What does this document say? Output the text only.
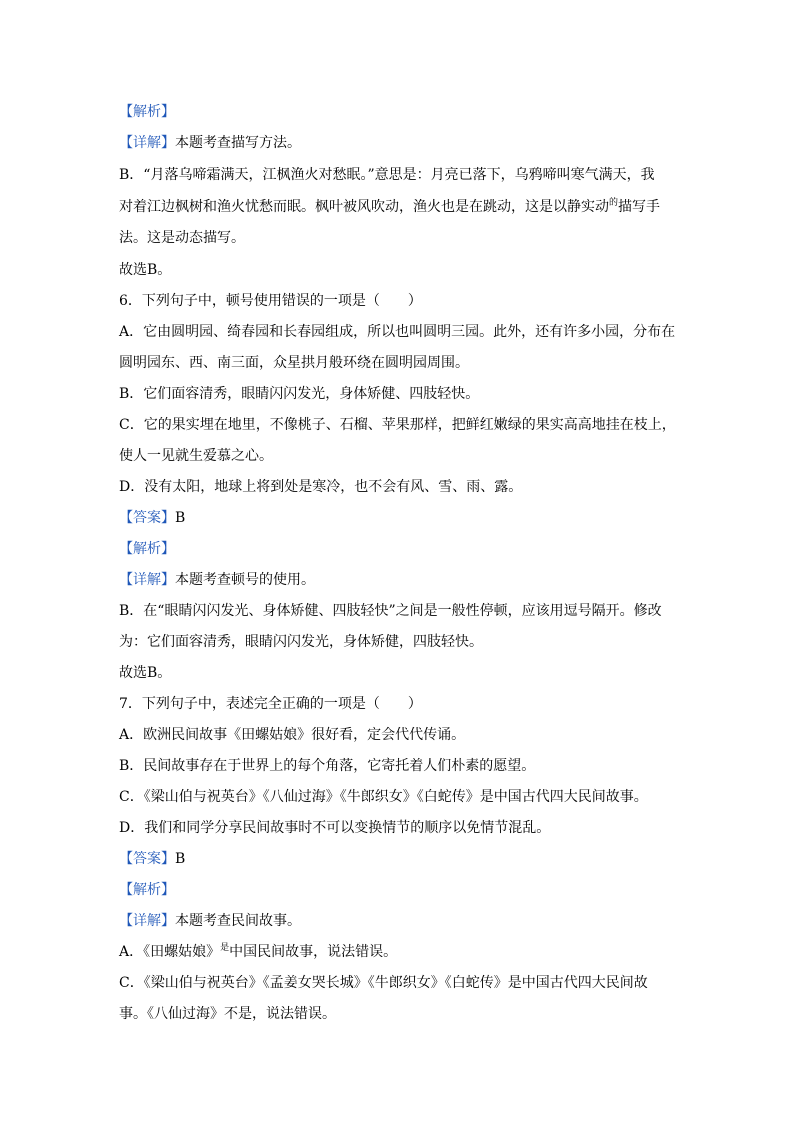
【解析】
【详解】本题考查描写方法。
B．“月落乌啼霜满天，江枫渔火对愁眠。”意思是：月亮已落下，乌鸦啼叫寒气满天，我
对着江边枫树和渔火忧愁而眠。枫叶被风吹动，渔火也是在跳动，这是以静实动$^的$描写手
法。这是动态描写。
故选B。
6．下列句子中，顿号使用错误的一项是（　　）
A．它由圆明园、绮春园和长春园组成，所以也叫圆明三园。此外，还有许多小园，分布在
圆明园东、西、南三面，众星拱月般环绕在圆明园周围。
B．它们面容清秀，眼睛闪闪发光，身体矫健、四肢轻快。
C．它的果实埋在地里，不像桃子、石榴、苹果那样，把鲜红嫩绿的果实高高地挂在枝上，
使人一见就生爱慕之心。
D．没有太阳，地球上将到处是寒冷，也不会有风、雪、雨、露。
【答案】B
【解析】
【详解】本题考查顿号的使用。
B．在“眼睛闪闪发光、身体矫健、四肢轻快”之间是一般性停顿，应该用逗号隔开。修改
为：它们面容清秀，眼睛闪闪发光，身体矫健，四肢轻快。
故选B。
7．下列句子中，表述完全正确的一项是（　　）
A．欧洲民间故事《田螺姑娘》很好看，定会代代传诵。
B．民间故事存在于世界上的每个角落，它寄托着人们朴素的愿望。
C．《梁山伯与祝英台》《八仙过海》《牛郎织女》《白蛇传》是中国古代四大民间故事。
D．我们和同学分享民间故事时不可以变换情节的顺序以免情节混乱。
【答案】B
【解析】
【详解】本题考查民间故事。
A．《田螺姑娘》$^是$中国民间故事，说法错误。
C．《梁山伯与祝英台》《孟姜女哭长城》《牛郎织女》《白蛇传》是中国古代四大民间故
事。《八仙过海》不是，说法错误。
